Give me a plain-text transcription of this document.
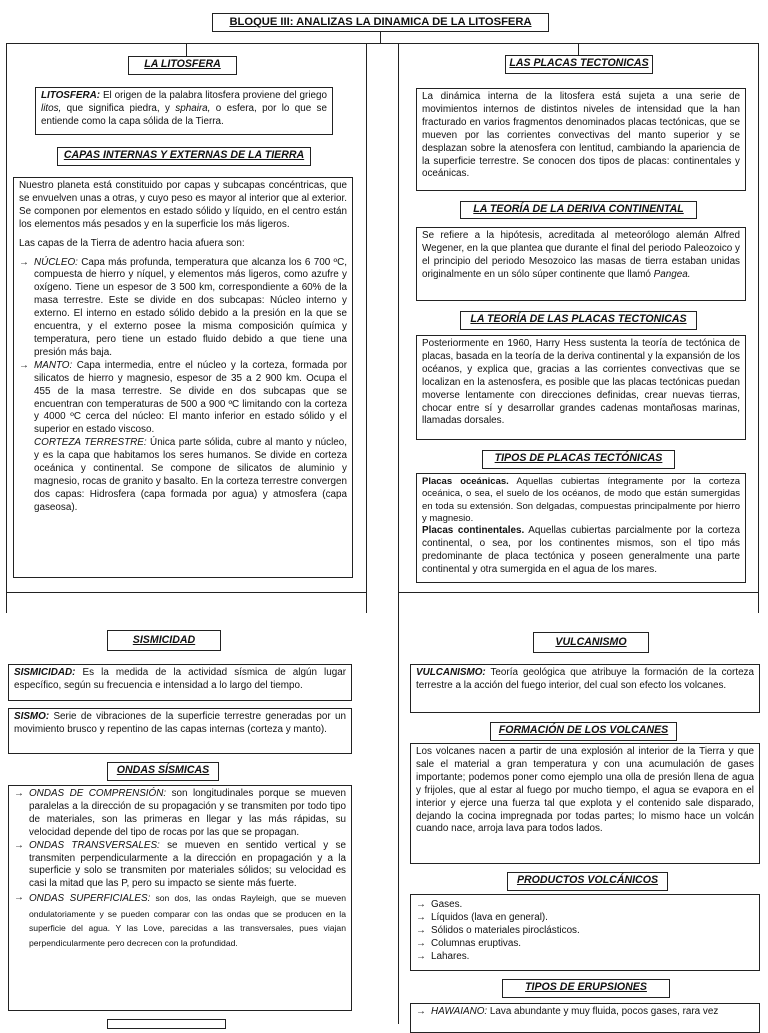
BLOQUE III: ANALIZAS LA DINAMICA DE LA LITOSFERA
LA LITOSFERA
LITOSFERA: El origen de la palabra litosfera proviene del griego litos, que significa piedra, y sphaira, o esfera, por lo que se entiende como la capa sólida de la Tierra.
CAPAS INTERNAS Y EXTERNAS DE LA TIERRA

Nuestro planeta está constituido por capas y subcapas concéntricas, que se envuelven unas a otras, y cuyo peso es mayor al interior que al exterior. Se componen por elementos en estado sólido y líquido, en el centro están los elementos más pesados y en la superficie los más ligeros.

Las capas de la Tierra de adentro hacia afuera son:

→ NÚCLEO: Capa más profunda, temperatura que alcanza los 6 700 ºC, compuesta de hierro y níquel, y elementos más ligeros, como azufre y oxígeno. Tiene un espesor de 3 500 km, correspondiente a 60% de la masa terrestre. Este se divide en dos subcapas: Núcleo interno y externo. El interno en estado sólido debido a la presión en la que se encuentra, y el externo posee la misma composición química y temperatura, pero tiene un estado fluido debido a que tiene una presión más baja.
→ MANTO: Capa intermedia, entre el núcleo y la corteza, formada por silicatos de hierro y magnesio, espesor de 35 a 2 900 km. Ocupa el 455 de la masa terrestre. Se divide en dos subcapas que se encuentran con temperaturas de 500 a 900 ºC limitando con la corteza y 4000 ºC cerca del núcleo: El manto inferior en estado sólido y el superior en estado viscoso.
CORTEZA TERRESTRE: Única parte sólida, cubre al manto y núcleo, y es la capa que habitamos los seres humanos. Se divide en corteza oceánica y continental. Se compone de silicatos de aluminio y magnesio, rocas de granito y basalto. En la corteza terrestre convergen dos capas: Hidrosfera (capa formada por agua) y atmosfera (capa gaseosa).
SISMICIDAD
SISMICIDAD: Es la medida de la actividad sísmica de algún lugar específico, según su frecuencia e intensidad a lo largo del tiempo.
SISMO: Serie de vibraciones de la superficie terrestre generadas por un movimiento brusco y repentino de las capas internas (corteza y manto).
ONDAS SÍSMICAS
→ ONDAS DE COMPRENSIÓN: son longitudinales porque se mueven paralelas a la dirección de su propagación y se transmiten por todo tipo de materiales, son las primeras en llegar y las más rápidas, su velocidad depende del tipo de rocas por las que se propagan.
→ ONDAS TRANSVERSALES: se mueven en sentido vertical y se transmiten perpendicularmente a la dirección en propagación y a la superficie y solo se transmiten por materiales sólidos; su velocidad es casi la mitad que las P, pero su impacto se siente más fuerte.
→ ONDAS SUPERFICIALES: son dos, las ondas Rayleigh, que se mueven ondulatoriamente y se pueden comparar con las ondas que se producen en la superficie del agua. Y las Love, parecidas a las transversales, pues viajan perpendicularmente pero decrecen con la profundidad.
LAS PLACAS TECTONICAS
La dinámica interna de la litosfera está sujeta a una serie de movimientos internos de distintos niveles de intensidad que la han fracturado en varios fragmentos denominados placas tectónicas, que se mueven por las corrientes convectivas del manto superior y se desplazan sobre la atenosfera con lentitud, cambiando la apariencia de la superficie terrestre. Se conocen dos tipos de placas: continentales y oceánicas.
LA TEORÍA DE LA DERIVA CONTINENTAL
Se refiere a la hipótesis, acreditada al meteorólogo alemán Alfred Wegener, en la que plantea que durante el final del periodo Paleozoico y el principio del periodo Mesozoico las masas de tierra estaban unidas originalmente en un sólo súper continente que llamó Pangea.
LA TEORÍA DE LAS PLACAS TECTONICAS
Posteriormente en 1960, Harry Hess sustenta la teoría de tectónica de placas, basada en la teoría de la deriva continental y la expansión de los océanos, y explica que, gracias a las corrientes convectivas que se localizan en la astenosfera, es posible que las placas tectónicas puedan moverse lentamente con direcciones definidas, crear nuevas tierras, chocar entre sí y desarrollar grandes cadenas montañosas marinas, llamadas dorsales.
TIPOS DE PLACAS TECTÓNICAS

Placas oceánicas. Aquellas cubiertas íntegramente por la corteza oceánica, o sea, el suelo de los océanos, de modo que están sumergidas en toda su extensión. Son delgadas, compuestas principalmente por hierro y magnesio.

Placas continentales. Aquellas cubiertas parcialmente por la corteza continental, o sea, por los continentes mismos, son el tipo más predominante de placa tectónica y poseen generalmente una parte continental y otra sumergida en el agua de los mares.

VULCANISMO
VULCANISMO: Teoría geológica que atribuye la formación de la corteza terrestre a la acción del fuego interior, del cual son efecto los volcanes.
FORMACIÓN DE LOS VOLCANES
Los volcanes nacen a partir de una explosión al interior de la Tierra y que sale el material a gran temperatura y con una acumulación de gases importante; podemos poner como ejemplo una olla de presión llena de agua y frijoles, que al estar al fuego por mucho tiempo, el agua se evapora en el interior y ejerce una fuerza tal que explota y el contenido sale disparado, dejando la cocina impregnada por todas partes; lo mismo hace un volcán cuando nace, arroja lava para todos lados.
PRODUCTOS VOLCÁNICOS
→ Gases.
→ Líquidos (lava en general).
→ Sólidos o materiales piroclásticos.
→ Columnas eruptivas.
→ Lahares.
TIPOS DE ERUPSIONES
→ HAWAIANO: Lava abundante y muy fluida, pocos gases, rara vez
